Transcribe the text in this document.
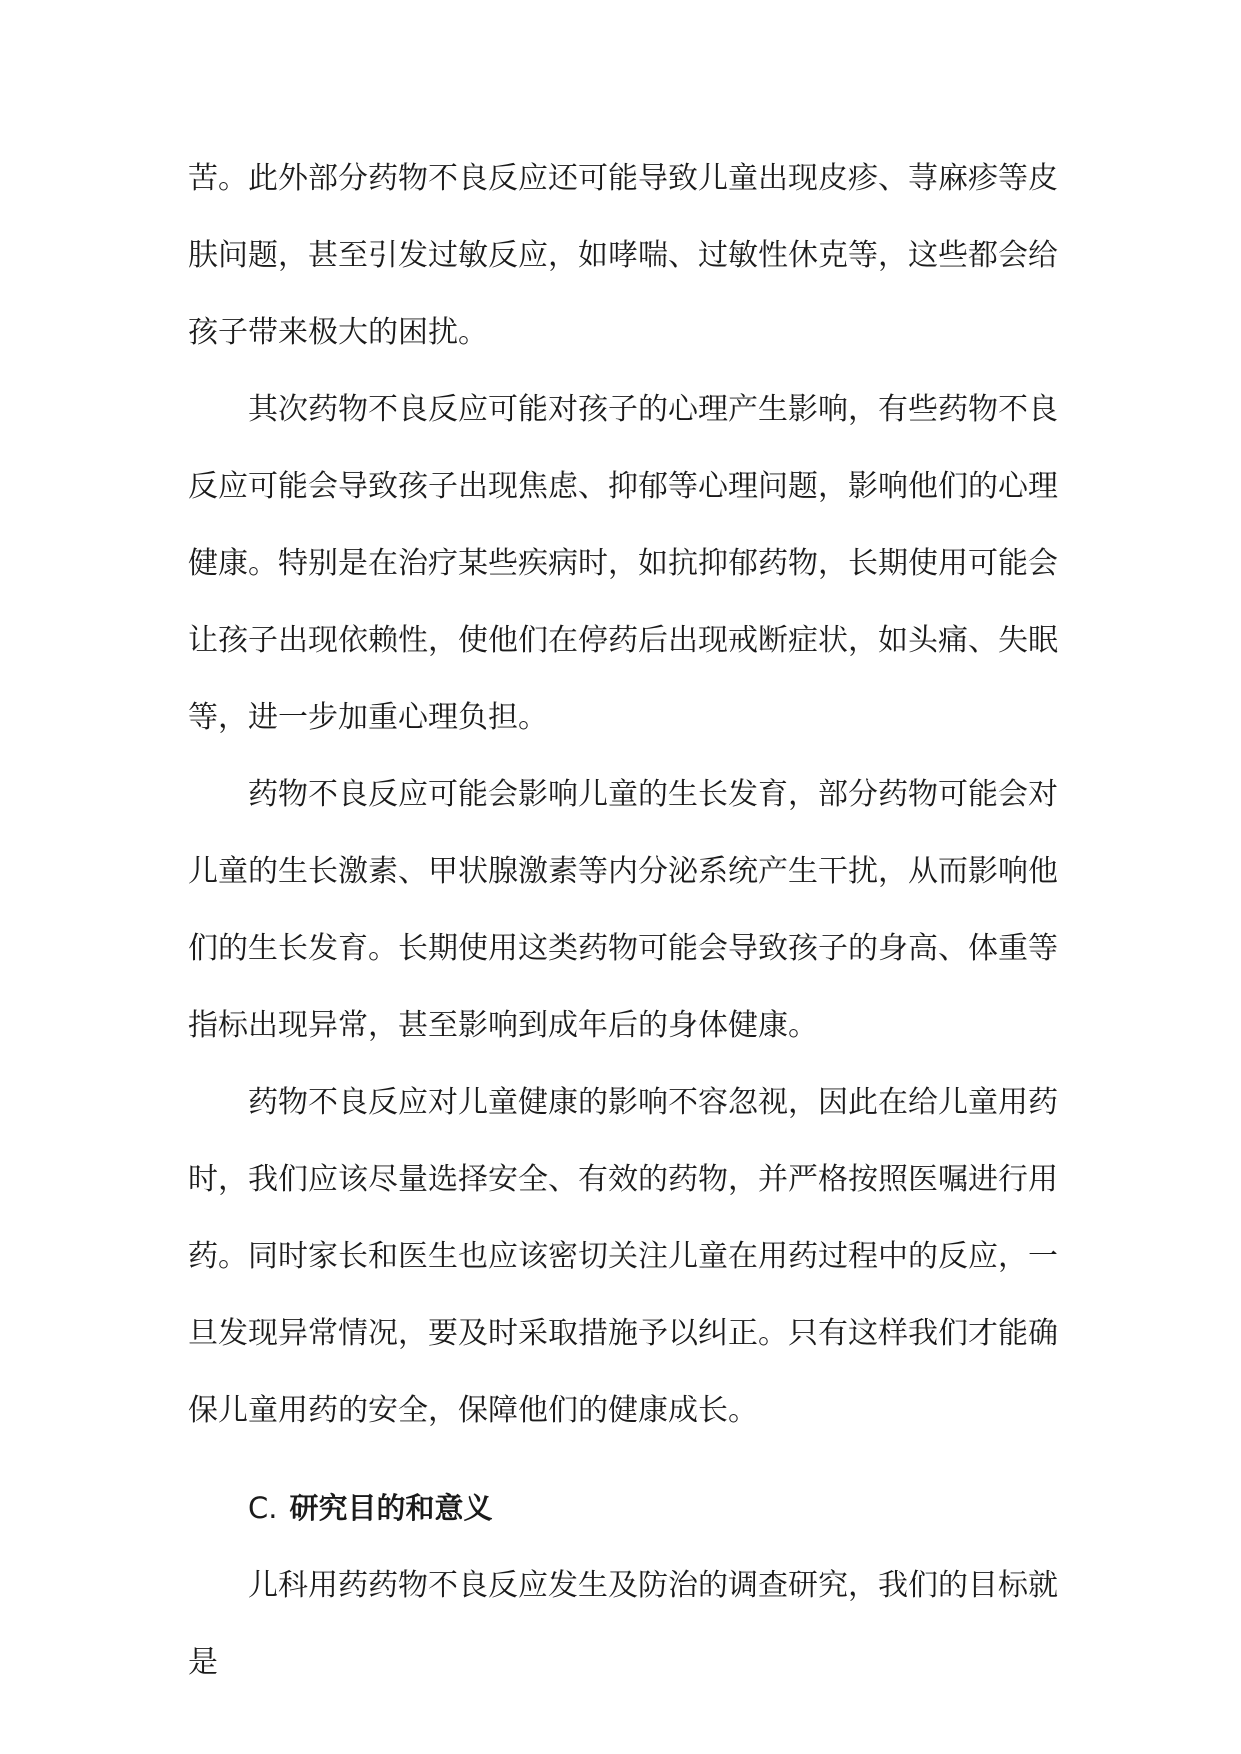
苦。此外部分药物不良反应还可能导致儿童出现皮疹、荨麻疹等皮肤问题，甚至引发过敏反应，如哮喘、过敏性休克等，这些都会给孩子带来极大的困扰。

其次药物不良反应可能对孩子的心理产生影响，有些药物不良反应可能会导致孩子出现焦虑、抑郁等心理问题，影响他们的心理健康。特别是在治疗某些疾病时，如抗抑郁药物，长期使用可能会让孩子出现依赖性，使他们在停药后出现戒断症状，如头痛、失眠等，进一步加重心理负担。

药物不良反应可能会影响儿童的生长发育，部分药物可能会对儿童的生长激素、甲状腺激素等内分泌系统产生干扰，从而影响他们的生长发育。长期使用这类药物可能会导致孩子的身高、体重等指标出现异常，甚至影响到成年后的身体健康。

药物不良反应对儿童健康的影响不容忽视，因此在给儿童用药时，我们应该尽量选择安全、有效的药物，并严格按照医嘱进行用药。同时家长和医生也应该密切关注儿童在用药过程中的反应，一旦发现异常情况，要及时采取措施予以纠正。只有这样我们才能确保儿童用药的安全，保障他们的健康成长。

C. 研究目的和意义

儿科用药药物不良反应发生及防治的调查研究，我们的目标就是
